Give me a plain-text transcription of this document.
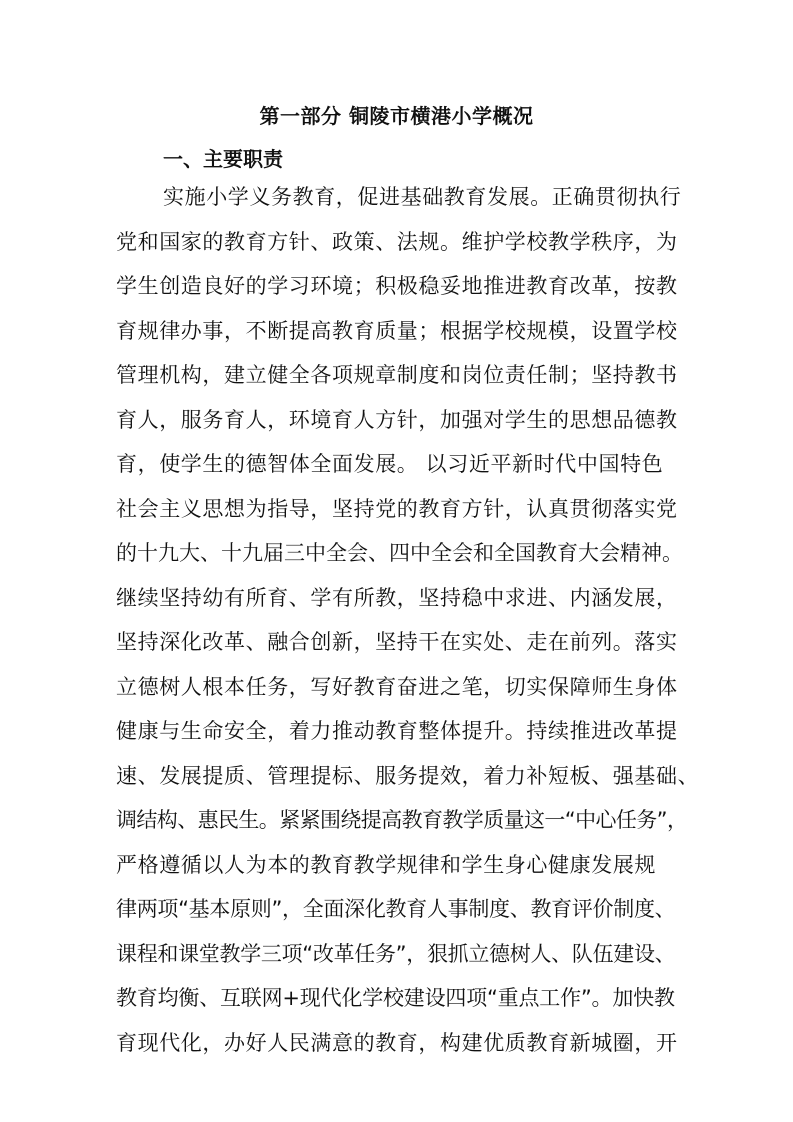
第一部分 铜陵市横港小学概况
一、主要职责
实施小学义务教育，促进基础教育发展。正确贯彻执行
党和国家的教育方针、政策、法规。维护学校教学秩序，为
学生创造良好的学习环境；积极稳妥地推进教育改革，按教
育规律办事，不断提高教育质量；根据学校规模，设置学校
管理机构，建立健全各项规章制度和岗位责任制；坚持教书
育人，服务育人，环境育人方针，加强对学生的思想品德教
育，使学生的德智体全面发展。 以习近平新时代中国特色
社会主义思想为指导，坚持党的教育方针，认真贯彻落实党
的十九大、十九届三中全会、四中全会和全国教育大会精神。
继续坚持幼有所育、学有所教，坚持稳中求进、内涵发展，
坚持深化改革、融合创新，坚持干在实处、走在前列。落实
立德树人根本任务，写好教育奋进之笔，切实保障师生身体
健康与生命安全，着力推动教育整体提升。持续推进改革提
速、发展提质、管理提标、服务提效，着力补短板、强基础、
调结构、惠民生。紧紧围绕提高教育教学质量这一“中心任务”，
严格遵循以人为本的教育教学规律和学生身心健康发展规
律两项“基本原则”，全面深化教育人事制度、教育评价制度、
课程和课堂教学三项“改革任务”，狠抓立德树人、队伍建设、
教育均衡、互联网+现代化学校建设四项“重点工作”。加快教
育现代化，办好人民满意的教育，构建优质教育新城圈，开
